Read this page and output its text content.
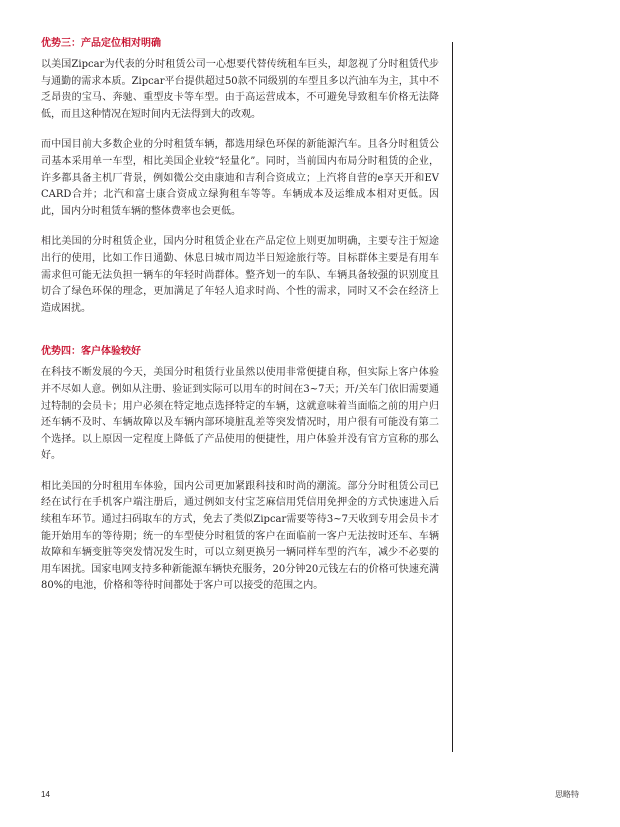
优势三：产品定位相对明确

以美国Zipcar为代表的分时租赁公司一心想要代替传统租车巨头，却忽视了分时租赁代步与通勤的需求本质。Zipcar平台提供超过50款不同级别的车型且多以汽油车为主，其中不乏昂贵的宝马、奔驰、重型皮卡等车型。由于高运营成本，不可避免导致租车价格无法降低，而且这种情况在短时间内无法得到大的改观。

而中国目前大多数企业的分时租赁车辆，都选用绿色环保的新能源汽车。且各分时租赁公司基本采用单一车型，相比美国企业较“轻量化”。同时，当前国内布局分时租赁的企业，许多都具备主机厂背景，例如微公交由康迪和吉利合资成立；上汽将自营的e享天开和EVCARD合并；北汽和富士康合资成立绿狗租车等等。车辆成本及运维成本相对更低。因此，国内分时租赁车辆的整体费率也会更低。

相比美国的分时租赁企业，国内分时租赁企业在产品定位上则更加明确，主要专注于短途出行的使用，比如工作日通勤、休息日城市周边半日短途旅行等。目标群体主要是有用车需求但可能无法负担一辆车的年轻时尚群体。整齐划一的车队、车辆具备较强的识别度且切合了绿色环保的理念，更加满足了年轻人追求时尚、个性的需求，同时又不会在经济上造成困扰。

优势四：客户体验较好

在科技不断发展的今天，美国分时租赁行业虽然以使用非常便捷自称，但实际上客户体验并不尽如人意。例如从注册、验证到实际可以用车的时间在3~7天；开/关车门依旧需要通过特制的会员卡；用户必须在特定地点选择特定的车辆，这就意味着当面临之前的用户归还车辆不及时、车辆故障以及车辆内部环境脏乱差等突发情况时，用户很有可能没有第二个选择。以上原因一定程度上降低了产品使用的便捷性，用户体验并没有官方宣称的那么好。

相比美国的分时租用车体验，国内公司更加紧跟科技和时尚的潮流。部分分时租赁公司已经在试行在手机客户端注册后，通过例如支付宝芝麻信用凭信用免押金的方式快速进入后续租车环节。通过扫码取车的方式，免去了类似Zipcar需要等待3~7天收到专用会员卡才能开始用车的等待期；统一的车型使分时租赁的客户在面临前一客户无法按时还车、车辆故障和车辆变脏等突发情况发生时，可以立刻更换另一辆同样车型的汽车，减少不必要的用车困扰。国家电网支持多种新能源车辆快充服务，20分钟20元钱左右的价格可快速充满80%的电池，价格和等待时间都处于客户可以接受的范围之内。

14	思略特
